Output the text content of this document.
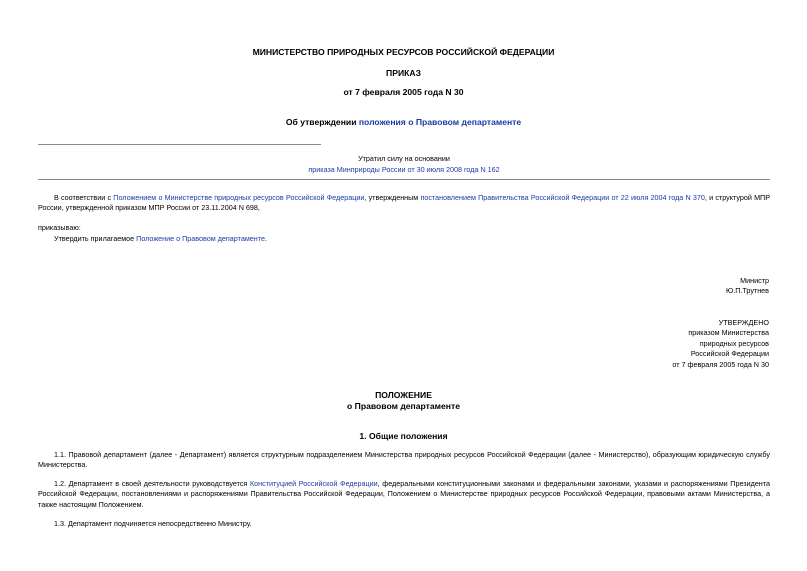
МИНИСТЕРСТВО ПРИРОДНЫХ РЕСУРСОВ РОССИЙСКОЙ ФЕДЕРАЦИИ
ПРИКАЗ
от 7 февраля 2005 года N 30
Об утверждении положения о Правовом департаменте
Утратил силу на основании
приказа Минприроды России от 30 июля 2008 года N 162
В соответствии с Положением о Министерстве природных ресурсов Российской Федерации, утвержденным постановлением Правительства Российской Федерации от 22 июля 2004 года N 370, и структурой МПР России, утвержденной приказом МПР России от 23.11.2004 N 698,
приказываю:
Утвердить прилагаемое Положение о Правовом департаменте.
Министр
Ю.П.Трутнев
УТВЕРЖДЕНО
приказом Министерства
природных ресурсов
Российской Федерации
от 7 февраля 2005 года N 30
ПОЛОЖЕНИЕ
о Правовом департаменте
1. Общие положения
1.1. Правовой департамент (далее - Департамент) является структурным подразделением Министерства природных ресурсов Российской Федерации (далее - Министерство), образующим юридическую службу Министерства.
1.2. Департамент в своей деятельности руководствуется Конституцией Российской Федерации, федеральными конституционными законами и федеральными законами, указами и распоряжениями Президента Российской Федерации, постановлениями и распоряжениями Правительства Российской Федерации, Положением о Министерстве природных ресурсов Российской Федерации, правовыми актами Министерства, а также настоящим Положением.
1.3. Департамент подчиняется непосредственно Министру.
